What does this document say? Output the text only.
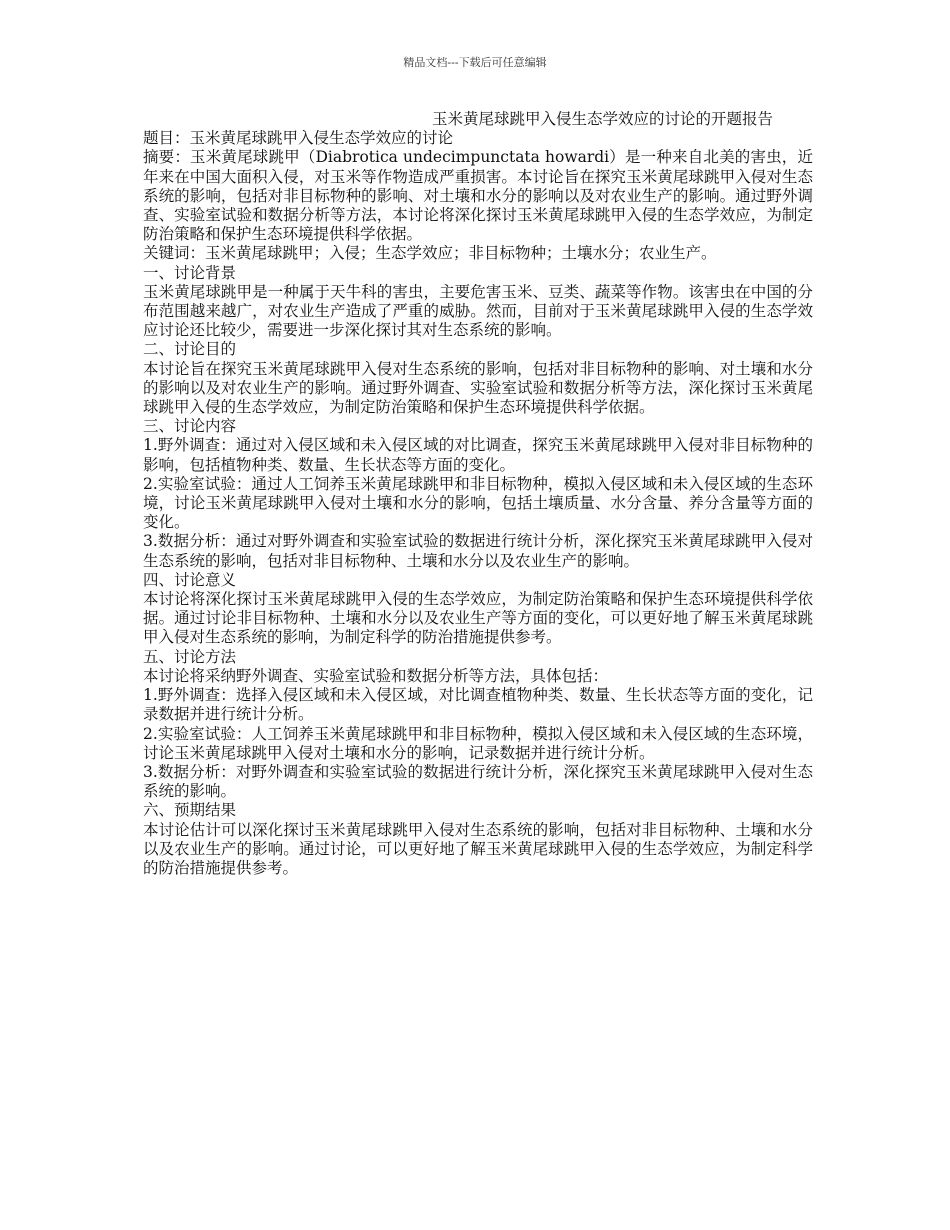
精品文档---下载后可任意编辑
玉米黄尾球跳甲入侵生态学效应的讨论的开题报告

题目：玉米黄尾球跳甲入侵生态学效应的讨论

摘要：玉米黄尾球跳甲（Diabrotica undecimpunctata howardi）是一种来自北美的害虫，近年来在中国大面积入侵，对玉米等作物造成严重损害。本讨论旨在探究玉米黄尾球跳甲入侵对生态系统的影响，包括对非目标物种的影响、对土壤和水分的影响以及对农业生产的影响。通过野外调查、实验室试验和数据分析等方法，本讨论将深化探讨玉米黄尾球跳甲入侵的生态学效应，为制定防治策略和保护生态环境提供科学依据。

关键词：玉米黄尾球跳甲；入侵；生态学效应；非目标物种；土壤水分；农业生产。

一、讨论背景

玉米黄尾球跳甲是一种属于天牛科的害虫，主要危害玉米、豆类、蔬菜等作物。该害虫在中国的分布范围越来越广，对农业生产造成了严重的威胁。然而，目前对于玉米黄尾球跳甲入侵的生态学效应讨论还比较少，需要进一步深化探讨其对生态系统的影响。

二、讨论目的

本讨论旨在探究玉米黄尾球跳甲入侵对生态系统的影响，包括对非目标物种的影响、对土壤和水分的影响以及对农业生产的影响。通过野外调查、实验室试验和数据分析等方法，深化探讨玉米黄尾球跳甲入侵的生态学效应，为制定防治策略和保护生态环境提供科学依据。

三、讨论内容

1.野外调查：通过对入侵区域和未入侵区域的对比调查，探究玉米黄尾球跳甲入侵对非目标物种的影响，包括植物种类、数量、生长状态等方面的变化。

2.实验室试验：通过人工饲养玉米黄尾球跳甲和非目标物种，模拟入侵区域和未入侵区域的生态环境，讨论玉米黄尾球跳甲入侵对土壤和水分的影响，包括土壤质量、水分含量、养分含量等方面的变化。

3.数据分析：通过对野外调查和实验室试验的数据进行统计分析，深化探究玉米黄尾球跳甲入侵对生态系统的影响，包括对非目标物种、土壤和水分以及农业生产的影响。

四、讨论意义

本讨论将深化探讨玉米黄尾球跳甲入侵的生态学效应，为制定防治策略和保护生态环境提供科学依据。通过讨论非目标物种、土壤和水分以及农业生产等方面的变化，可以更好地了解玉米黄尾球跳甲入侵对生态系统的影响，为制定科学的防治措施提供参考。

五、讨论方法

本讨论将采纳野外调查、实验室试验和数据分析等方法，具体包括：

1.野外调查：选择入侵区域和未入侵区域，对比调查植物种类、数量、生长状态等方面的变化，记录数据并进行统计分析。

2.实验室试验：人工饲养玉米黄尾球跳甲和非目标物种，模拟入侵区域和未入侵区域的生态环境，讨论玉米黄尾球跳甲入侵对土壤和水分的影响，记录数据并进行统计分析。

3.数据分析：对野外调查和实验室试验的数据进行统计分析，深化探究玉米黄尾球跳甲入侵对生态系统的影响。

六、预期结果

本讨论估计可以深化探讨玉米黄尾球跳甲入侵对生态系统的影响，包括对非目标物种、土壤和水分以及农业生产的影响。通过讨论，可以更好地了解玉米黄尾球跳甲入侵的生态学效应，为制定科学的防治措施提供参考。
